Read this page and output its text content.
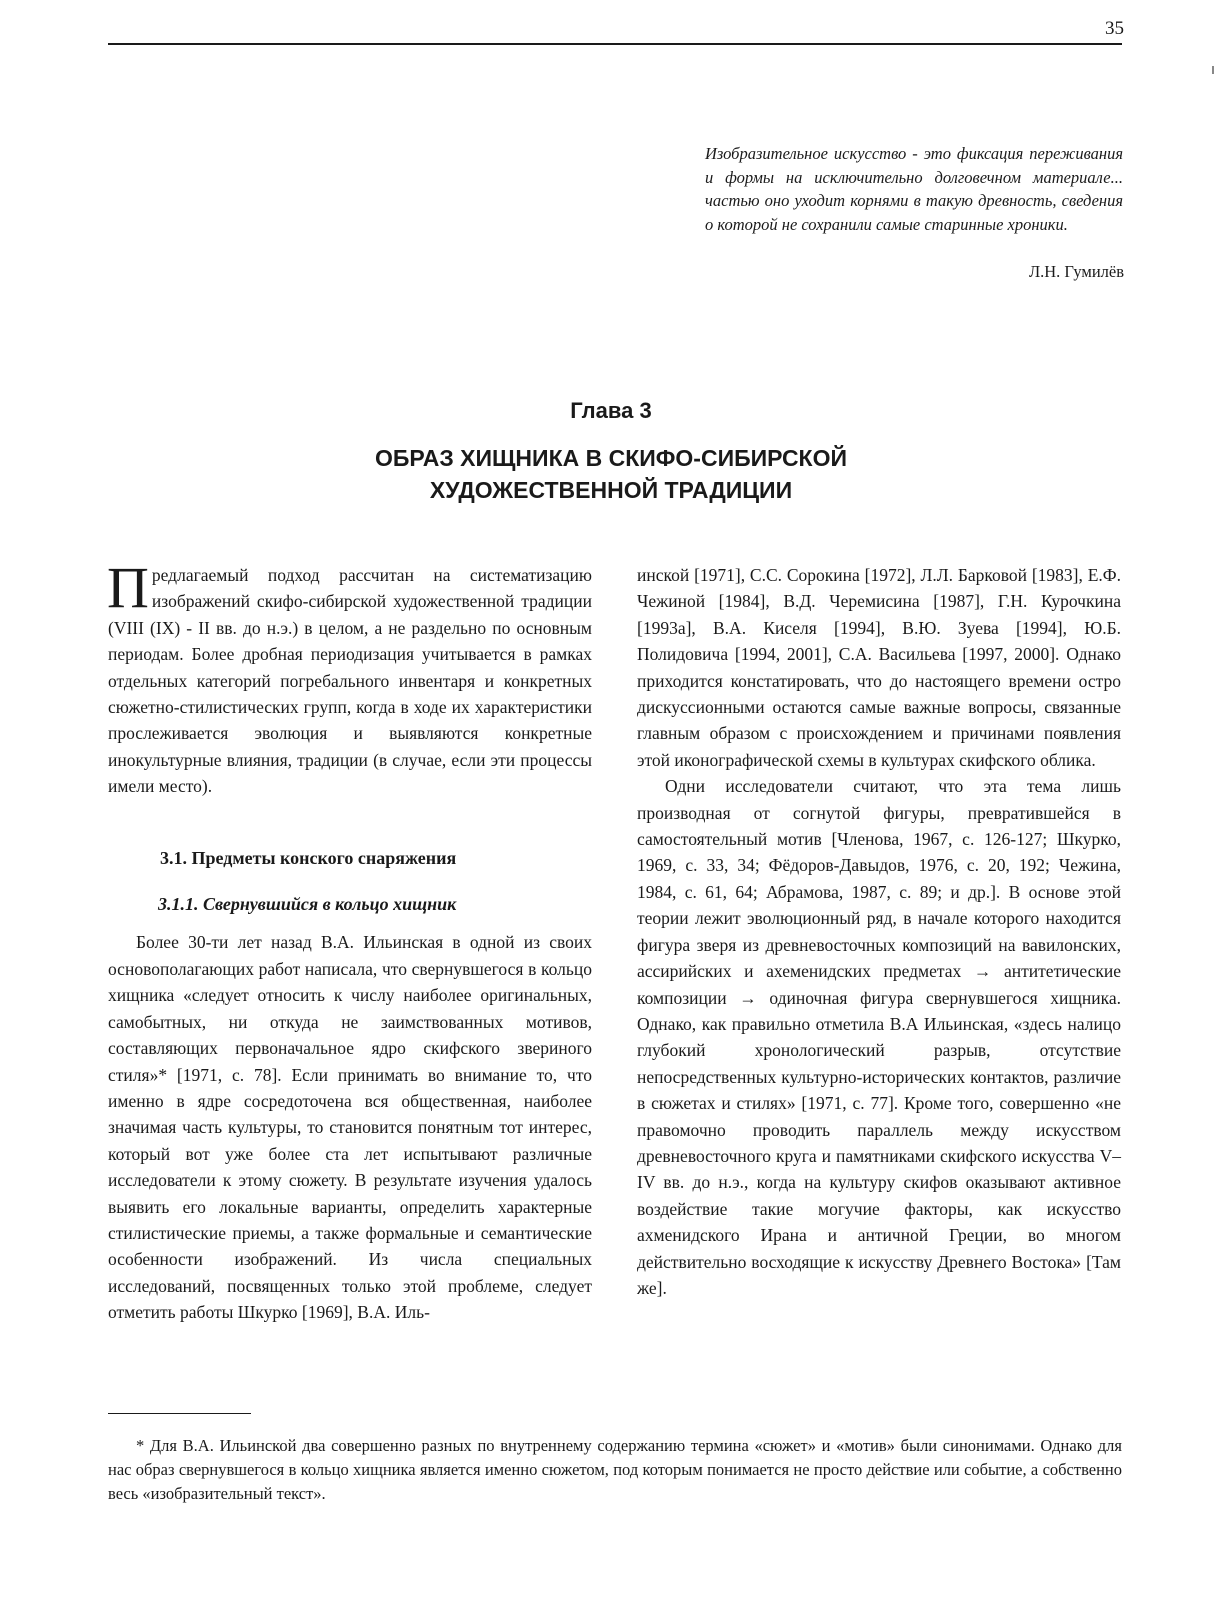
35
Изобразительное искусство - это фиксация переживания и формы на исключительно долговечном материале... частью оно уходит корнями в такую древность, сведения о которой не сохранили самые старинные хроники.
Л.Н. Гумилёв
Глава 3
ОБРАЗ ХИЩНИКА В СКИФО-СИБИРСКОЙ ХУДОЖЕСТВЕННОЙ ТРАДИЦИИ

Предлагаемый подход рассчитан на систематизацию изображений скифо-сибирской художественной традиции (VIII (IX) - II вв. до н.э.) в целом, а не раздельно по основным периодам. Более дробная периодизация учитывается в рамках отдельных категорий погребального инвентаря и конкретных сюжетно-стилистических групп, когда в ходе их характеристики прослеживается эволюция и выявляются конкретные инокультурные влияния, традиции (в случае, если эти процессы имели место).

3.1. Предметы конского снаряжения

3.1.1. Свернувшийся в кольцо хищник

Более 30-ти лет назад В.А. Ильинская в одной из своих основополагающих работ написала, что свернувшегося в кольцо хищника «следует относить к числу наиболее оригинальных, самобытных, ни откуда не заимствованных мотивов, составляющих первоначальное ядро скифского звериного стиля»* [1971, с. 78]. Если принимать во внимание то, что именно в ядре сосредоточена вся общественная, наиболее значимая часть культуры, то становится понятным тот интерес, который вот уже более ста лет испытывают различные исследователи к этому сюжету. В результате изучения удалось выявить его локальные варианты, определить характерные стилистические приемы, а также формальные и семантические особенности изображений. Из числа специальных исследований, посвященных только этой проблеме, следует отметить работы Шкурко [1969], В.А. Иль-

инской [1971], С.С. Сорокина [1972], Л.Л. Барковой [1983], Е.Ф. Чежиной [1984], В.Д. Черемисина [1987], Г.Н. Курочкина [1993а], В.А. Киселя [1994], В.Ю. Зуева [1994], Ю.Б. Полидовича [1994, 2001], С.А. Васильева [1997, 2000]. Однако приходится констатировать, что до настоящего времени остро дискуссионными остаются самые важные вопросы, связанные главным образом с происхождением и причинами появления этой иконографической схемы в культурах скифского облика.

Одни исследователи считают, что эта тема лишь производная от согнутой фигуры, превратившейся в самостоятельный мотив [Членова, 1967, с. 126-127; Шкурко, 1969, с. 33, 34; Фёдоров-Давыдов, 1976, с. 20, 192; Чежина, 1984, с. 61, 64; Абрамова, 1987, с. 89; и др.]. В основе этой теории лежит эволюционный ряд, в начале которого находится фигура зверя из древневосточных композиций на вавилонских, ассирийских и ахеменидских предметах → антитетические композиции → одиночная фигура свернувшегося хищника. Однако, как правильно отметила В.А Ильинская, «здесь налицо глубокий хронологический разрыв, отсутствие непосредственных культурно-исторических контактов, различие в сюжетах и стилях» [1971, с. 77]. Кроме того, совершенно «не правомочно проводить параллель между искусством древневосточного круга и памятниками скифского искусства V–IV вв. до н.э., когда на культуру скифов оказывают активное воздействие такие могучие факторы, как искусство ахменидского Ирана и античной Греции, во многом действительно восходящие к искусству Древнего Востока» [Там же].

* Для В.А. Ильинской два совершенно разных по внутреннему содержанию термина «сюжет» и «мотив» были синонимами. Однако для нас образ свернувшегося в кольцо хищника является именно сюжетом, под которым понимается не просто действие или событие, а собственно весь «изобразительный текст».
